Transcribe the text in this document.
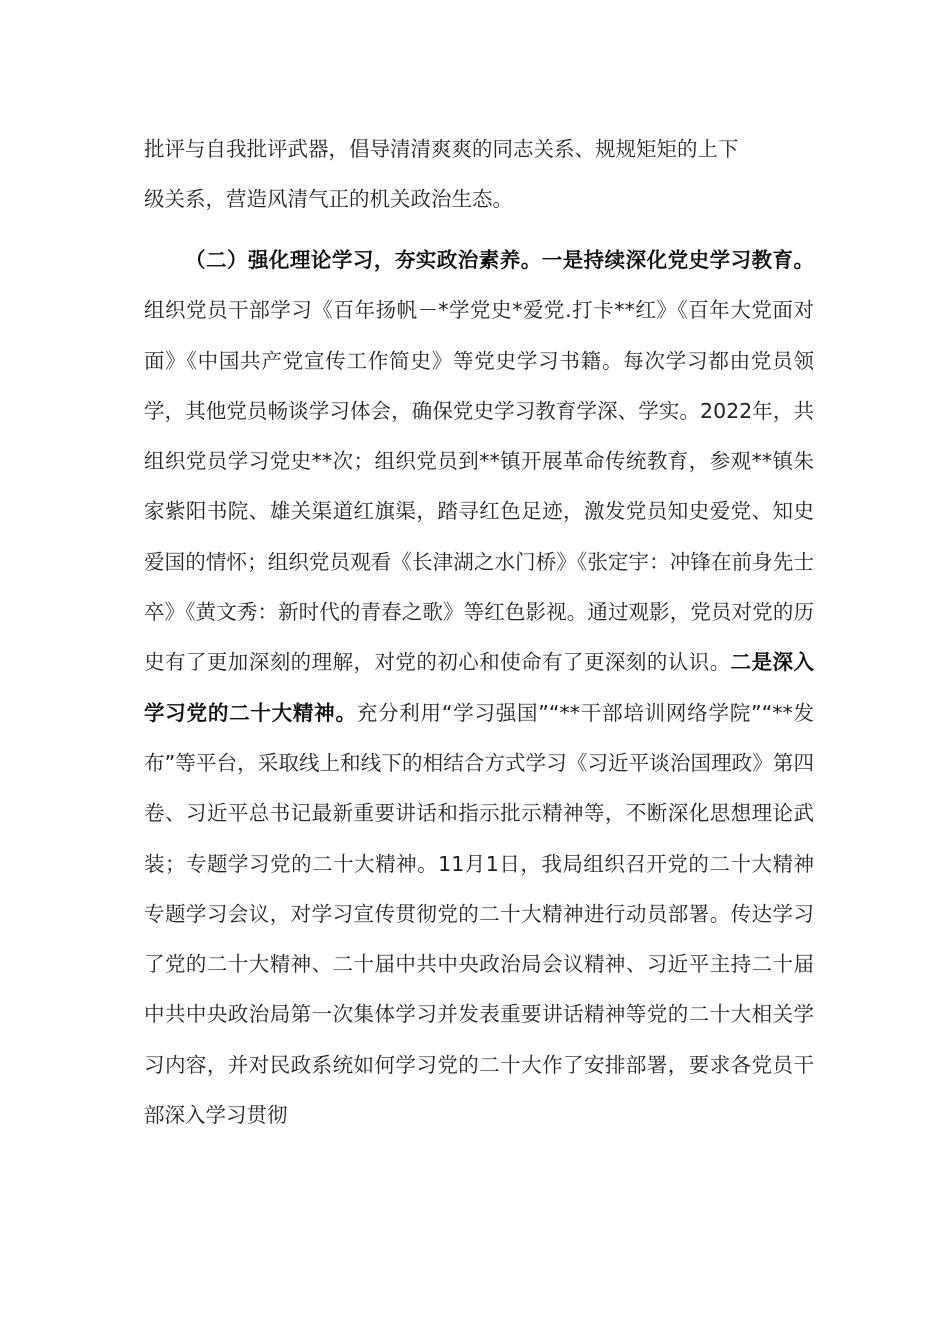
批评与自我批评武器，倡导清清爽爽的同志关系、规规矩矩的上下
级关系，营造风清气正的机关政治生态。
（二）强化理论学习，夯实政治素养。一是持续深化党史学习教育。组织党员干部学习《百年扬帆－*学党史*爱党.打卡**红》《百年大党面对面》《中国共产党宣传工作简史》等党史学习书籍。每次学习都由党员领学，其他党员畅谈学习体会，确保党史学习教育学深、学实。2022年，共组织党员学习党史**次；组织党员到**镇开展革命传统教育，参观**镇朱家紫阳书院、雄关渠道红旗渠，踏寻红色足迹，激发党员知史爱党、知史爱国的情怀；组织党员观看《长津湖之水门桥》《张定宇：冲锋在前身先士卒》《黄文秀：新时代的青春之歌》等红色影视。通过观影，党员对党的历史有了更加深刻的理解，对党的初心和使命有了更深刻的认识。二是深入学习党的二十大精神。充分利用“学习强国”“**干部培训网络学院”“**发布”等平台，采取线上和线下的相结合方式学习《习近平谈治国理政》第四卷、习近平总书记最新重要讲话和指示批示精神等，不断深化思想理论武装；专题学习党的二十大精神。11月1日，我局组织召开党的二十大精神专题学习会议，对学习宣传贯彻党的二十大精神进行动员部署。传达学习了党的二十大精神、二十届中共中央政治局会议精神、习近平主持二十届中共中央政治局第一次集体学习并发表重要讲话精神等党的二十大相关学习内容，并对民政系统如何学习党的二十大作了安排部署，要求各党员干部深入学习贯彻
